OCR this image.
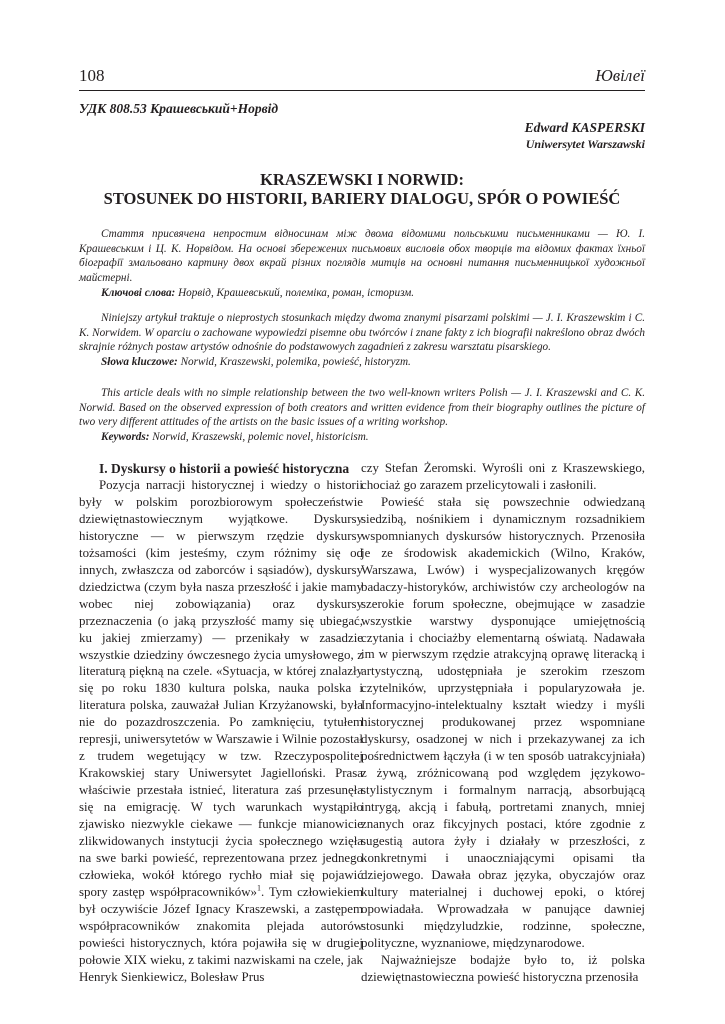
108	Ювілеї
УДК 808.53 Крашевський+Норвід
Edward KASPERSKI
Uniwersytet Warszawski
KRASZEWSKI I NORWID:
STOSUNEK DO HISTORII, BARIERY DIALOGU, SPÓR O POWIEŚĆ

Стаття присвячена непростим відносинам між двома відомими польськими письменниками — Ю. І. Крашевським і Ц. К. Норвідом. На основі збережених письмових висловів обох творців та відомих фактах їхньої біографії змальовано картину двох вкрай різних поглядів митців на основні питання письменницької художньої майстерні.

Ключові слова: Норвід, Крашевський, полеміка, роман, історизм.

Niniejszy artykuł traktuje o nieprostych stosunkach między dwoma znanymi pisarzami polskimi — J. I. Kraszewskim i C. K. Norwidem. W oparciu o zachowane wypowiedzi pisemne obu twórców i znane fakty z ich biografii nakreślono obraz dwóch skrajnie różnych postaw artystów odnośnie do podstawowych zagadnień z zakresu warsztatu pisarskiego.

Słowa kluczowe: Norwid, Kraszewski, polemika, powieść, historyzm.

This article deals with no simple relationship between the two well-known writers Polish — J. I. Kraszewski and C. K. Norwid. Based on the observed expression of both creators and written evidence from their biography outlines the picture of two very different attitudes of the artists on the basic issues of a writing workshop.

Keywords: Norwid, Kraszewski, polemic novel, historicism.

I. Dyskursy o historii a powieść historyczna

Pozycja narracji historycznej i wiedzy o historii były w polskim porozbiorowym społeczeństwie dziewiętnastowiecznym wyjątkowe. Dyskursy historyczne — w pierwszym rzędzie dyskursy tożsamości (kim jesteśmy, czym różnimy się od innych, zwłaszcza od zaborców i sąsiadów), dyskursy dziedzictwa (czym była nasza przeszłość i jakie mamy wobec niej zobowiązania) oraz dyskursy przeznaczenia (o jaką przyszłość mamy się ubiegać, ku jakiej zmierzamy) — przenikały w zasadzie wszystkie dziedziny ówczesnego życia umysłowego, z literaturą piękną na czele. «Sytuacja, w której znalazły się po roku 1830 kultura polska, nauka polska i literatura polska, zauważał Julian Krzyżanowski, była nie do pozazdroszczenia. Po zamknięciu, tytułem represji, uniwersytetów w Warszawie i Wilnie pozostał z trudem wegetujący w tzw. Rzeczypospolitej Krakowskiej stary Uniwersytet Jagielloński. Prasa właściwie przestała istnieć, literatura zaś przesunęła się na emigrację. W tych warunkach wystąpiło zjawisko niezwykle ciekawe — funkcje mianowicie zlikwidowanych instytucji życia społecznego wzięła na swe barki powieść, reprezentowana przez jednego człowieka, wokół którego rychło miał się pojawić spory zastęp współpracowników»$^1$. Tym człowiekiem był oczywiście Józef Ignacy Kraszewski, a zastępem współpracowników znakomita plejada autorów powieści historycznych, która pojawiła się w drugiej połowie XIX wieku, z takimi nazwiskami na czele, jak Henryk Sienkiewicz, Bolesław Prus

czy Stefan Żeromski. Wyrośli oni z Kraszewskiego, chociaż go zarazem przelicytowali i zasłonili.

Powieść stała się powszechnie odwiedzaną siedzibą, nośnikiem i dynamicznym rozsadnikiem wspomnianych dyskursów historycznych. Przenosiła je ze środowisk akademickich (Wilno, Kraków, Warszawa, Lwów) i wyspecjalizowanych kręgów badaczy-historyków, archiwistów czy archeologów na szerokie forum społeczne, obejmujące w zasadzie wszystkie warstwy dysponujące umiejętnością czytania i chociażby elementarną oświatą. Nadawała im w pierwszym rzędzie atrakcyjną oprawę literacką i artystyczną, udostępniała je szerokim rzeszom czytelników, uprzystępniała i popularyzowała je. Informacyjno-intelektualny kształt wiedzy i myśli historycznej produkowanej przez wspomniane dyskursy, osadzonej w nich i przekazywanej za ich pośrednictwem łączyła (i w ten sposób uatrakcyjniała) z żywą, zróżnicowaną pod względem językowo-stylistycznym i formalnym narracją, absorbującą intrygą, akcją i fabułą, portretami znanych, mniej znanych oraz fikcyjnych postaci, które zgodnie z sugestią autora żyły i działały w przeszłości, z konkretnymi i unaoczniającymi opisami tła dziejowego. Dawała obraz języka, obyczajów oraz kultury materialnej i duchowej epoki, o której opowiadała. Wprowadzała w panujące dawniej stosunki międzyludzkie, rodzinne, społeczne, polityczne, wyznaniowe, międzynarodowe.

Najważniejsze bodajże było to, iż polska dziewiętnastowieczna powieść historyczna przenosiła
